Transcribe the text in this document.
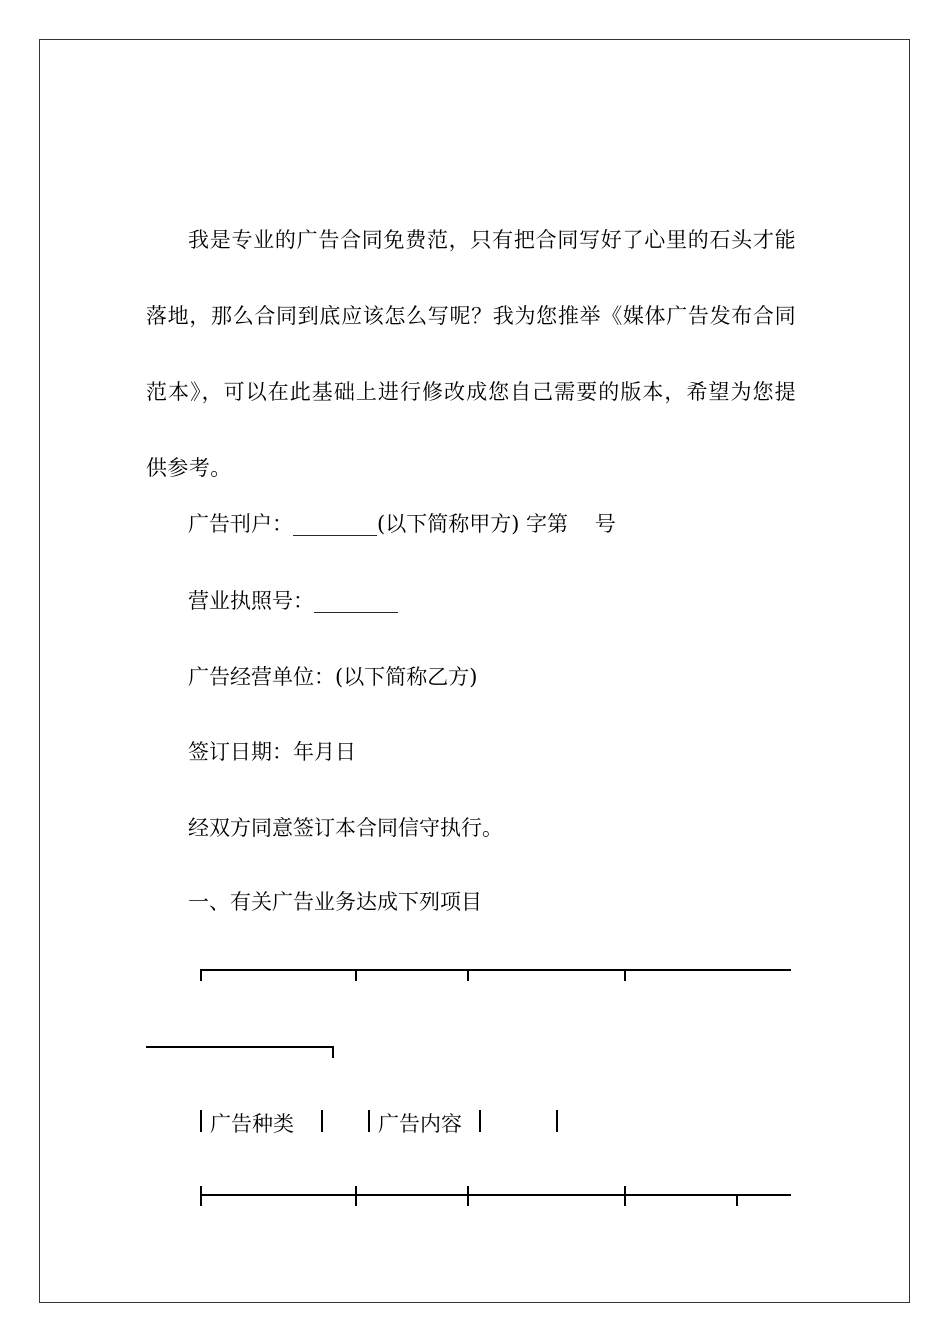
我是专业的广告合同免费范，只有把合同写好了心里的石头才能落地，那么合同到底应该怎么写呢？我为您推举《媒体广告发布合同范本》，可以在此基础上进行修改成您自己需要的版本，希望为您提供参考。

广告刊户：________(以下简称甲方) 字第    号

营业执照号：________

广告经营单位：(以下简称乙方)

签订日期：年月日

经双方同意签订本合同信守执行。

一、有关广告业务达成下列项目

广告种类	广告内容
